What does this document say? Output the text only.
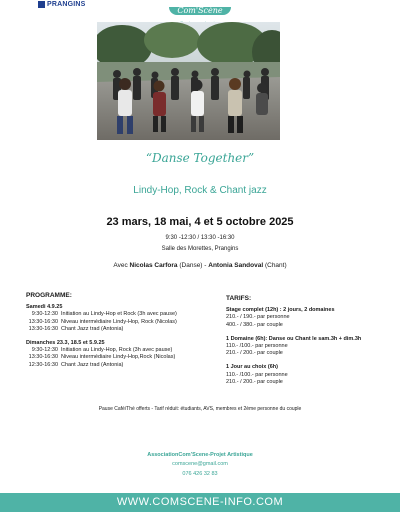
PRANGINS
Com'Scène
“Danse Together”
Lindy-Hop, Rock & Chant jazz
23 mars, 18 mai, 4 et 5 octobre 2025
9:30 -12:30 / 13:30 -16:30
Salle des Morettes, Prangins
Avec Nicolas Carfora (Danse) - Antonia Sandoval (Chant)
PROGRAMME:
Samedi 4.9.25
9:30-12:30 Initiation au Lindy-Hop et Rock (3h avec pause)
13:30-16:30 Niveau intermédiaire Lindy-Hop, Rock (Nicolas)
13:30-16:30 Chant Jazz trad (Antonia)
Dimanches 23.3, 18.5 et 5.9.25
9:30-12:30 Initiation au Lindy-Hop, Rock (3h avec pause)
13:30-16:30 Niveau intermédiaire Lindy-Hop,Rock (Nicolas)
12:30-16:30 Chant Jazz trad (Antonia)
TARIFS:
Stage complet (12h) : 2 jours, 2 domaines
210.- / 190.- par personne
400.- / 380.- par couple
1 Domaine (6h): Danse ou Chant le sam.3h + dim.3h
110.- /100.- par personne
210.- / 200.- par couple
1 Jour au choix (6h)
110.- /100.- par personne
210.- / 200.- par couple
Pause Café/Thé offerts - Tarif réduit: étudiants, AVS, membres et 2ème personne du couple
AssociationCom’Scene-Projet Artistique
comscene@gmail.com
076 426 32 83
WWW.COMSCENE-INFO.COM
